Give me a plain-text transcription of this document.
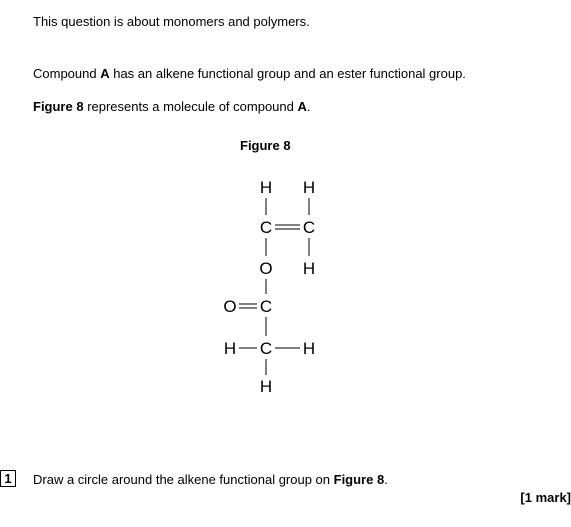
This question is about monomers and polymers.
Compound A has an alkene functional group and an ester functional group.
Figure 8 represents a molecule of compound A.
Figure 8
H H
C C
O H
O C
H C H
H
1	Draw a circle around the alkene functional group on Figure 8.
[1 mark]
